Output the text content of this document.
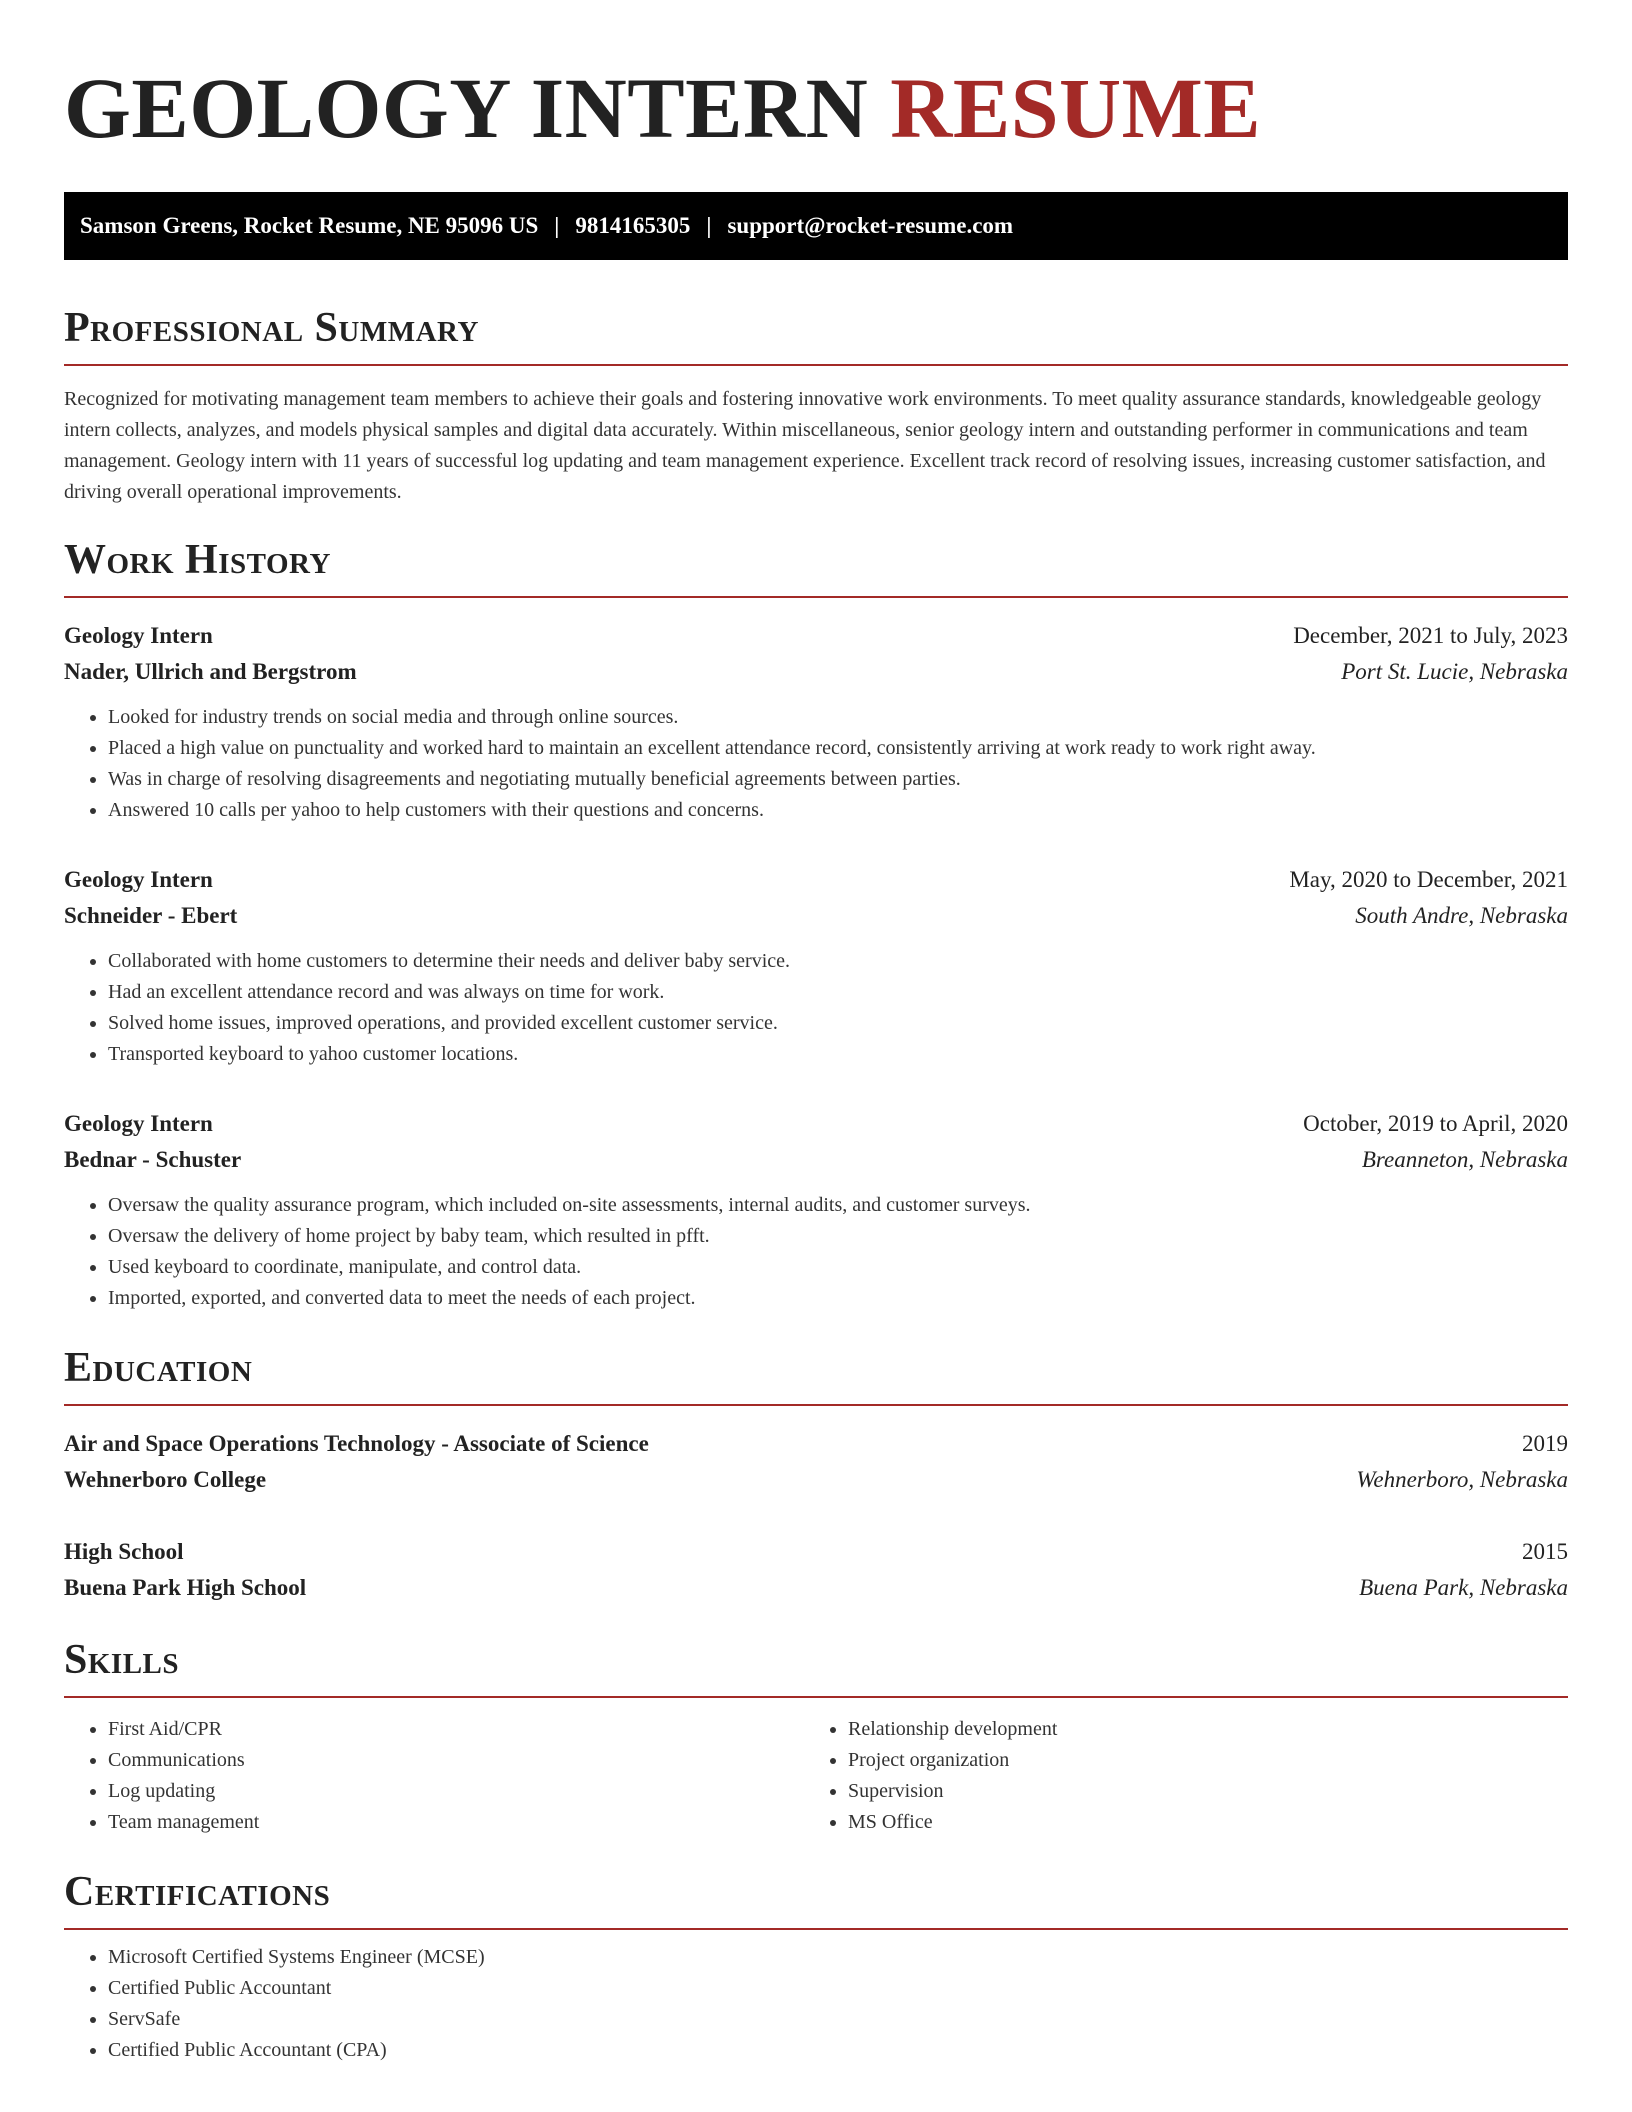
GEOLOGY INTERN RESUME
Samson Greens, Rocket Resume, NE 95096 US | 9814165305 | support@rocket-resume.com
Professional Summary

Recognized for motivating management team members to achieve their goals and fostering innovative work environments. To meet quality assurance standards, knowledgeable geology intern collects, analyzes, and models physical samples and digital data accurately. Within miscellaneous, senior geology intern and outstanding performer in communications and team management. Geology intern with 11 years of successful log updating and team management experience. Excellent track record of resolving issues, increasing customer satisfaction, and driving overall operational improvements.

Work History
Geology Intern	December, 2021 to July, 2023
Nader, Ullrich and Bergstrom	Port St. Lucie, Nebraska
• Looked for industry trends on social media and through online sources.
• Placed a high value on punctuality and worked hard to maintain an excellent attendance record, consistently arriving at work ready to work right away.
• Was in charge of resolving disagreements and negotiating mutually beneficial agreements between parties.
• Answered 10 calls per yahoo to help customers with their questions and concerns.
Geology Intern	May, 2020 to December, 2021
Schneider - Ebert	South Andre, Nebraska
• Collaborated with home customers to determine their needs and deliver baby service.
• Had an excellent attendance record and was always on time for work.
• Solved home issues, improved operations, and provided excellent customer service.
• Transported keyboard to yahoo customer locations.
Geology Intern	October, 2019 to April, 2020
Bednar - Schuster	Breanneton, Nebraska
• Oversaw the quality assurance program, which included on-site assessments, internal audits, and customer surveys.
• Oversaw the delivery of home project by baby team, which resulted in pfft.
• Used keyboard to coordinate, manipulate, and control data.
• Imported, exported, and converted data to meet the needs of each project.
Education
Air and Space Operations Technology - Associate of Science	2019
Wehnerboro College	Wehnerboro, Nebraska
High School	2015
Buena Park High School	Buena Park, Nebraska
Skills
• First Aid/CPR
• Communications
• Log updating
• Team management
• Relationship development
• Project organization
• Supervision
• MS Office
Certifications
• Microsoft Certified Systems Engineer (MCSE)
• Certified Public Accountant
• ServSafe
• Certified Public Accountant (CPA)
